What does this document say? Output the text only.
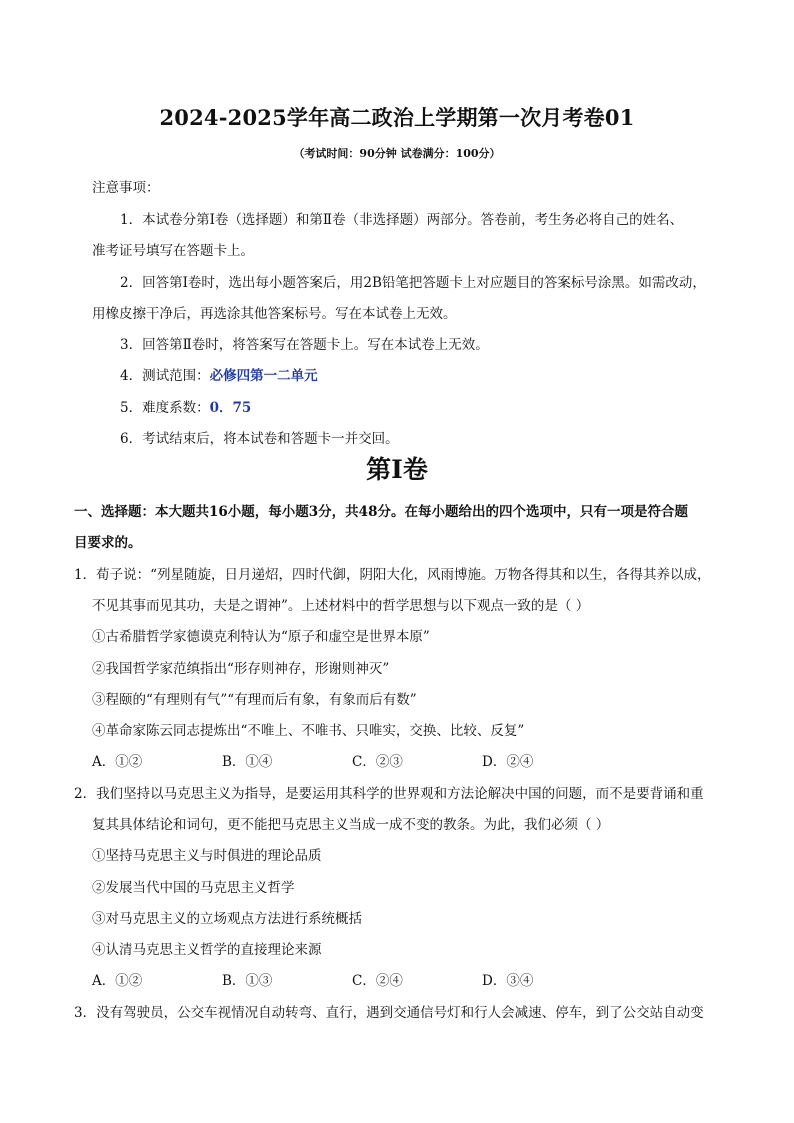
2024-2025学年高二政治上学期第一次月考卷01
（考试时间：90分钟 试卷满分：100分）
注意事项：
1．本试卷分第Ⅰ卷（选择题）和第Ⅱ卷（非选择题）两部分。答卷前，考生务必将自己的姓名、
准考证号填写在答题卡上。
2．回答第Ⅰ卷时，选出每小题答案后，用2B铅笔把答题卡上对应题目的答案标号涂黑。如需改动，
用橡皮擦干净后，再选涂其他答案标号。写在本试卷上无效。
3．回答第Ⅱ卷时，将答案写在答题卡上。写在本试卷上无效。
4．测试范围：必修四第一二单元
5．难度系数：0．75
6．考试结束后，将本试卷和答题卡一并交回。
第Ⅰ卷
一、选择题：本大题共16小题，每小题3分，共48分。在每小题给出的四个选项中，只有一项是符合题
目要求的。
1．荀子说：“列星随旋，日月递炤，四时代御，阴阳大化，风雨博施。万物各得其和以生，各得其养以成，
不见其事而见其功，夫是之谓神”。上述材料中的哲学思想与以下观点一致的是（ ）
①古希腊哲学家德谟克利特认为“原子和虚空是世界本原”
②我国哲学家范缜指出“形存则神存，形谢则神灭”
③程颐的“有理则有气”“有理而后有象，有象而后有数”
④革命家陈云同志提炼出“不唯上、不唯书、只唯实，交换、比较、反复”
A．①②	B．①④	C．②③	D．②④
2．我们坚持以马克思主义为指导，是要运用其科学的世界观和方法论解决中国的问题，而不是要背诵和重
复其具体结论和词句，更不能把马克思主义当成一成不变的教条。为此，我们必须（ ）
①坚持马克思主义与时俱进的理论品质
②发展当代中国的马克思主义哲学
③对马克思主义的立场观点方法进行系统概括
④认清马克思主义哲学的直接理论来源
A．①②	B．①③	C．②④	D．③④
3．没有驾驶员，公交车视情况自动转弯、直行，遇到交通信号灯和行人会减速、停车，到了公交站自动变
